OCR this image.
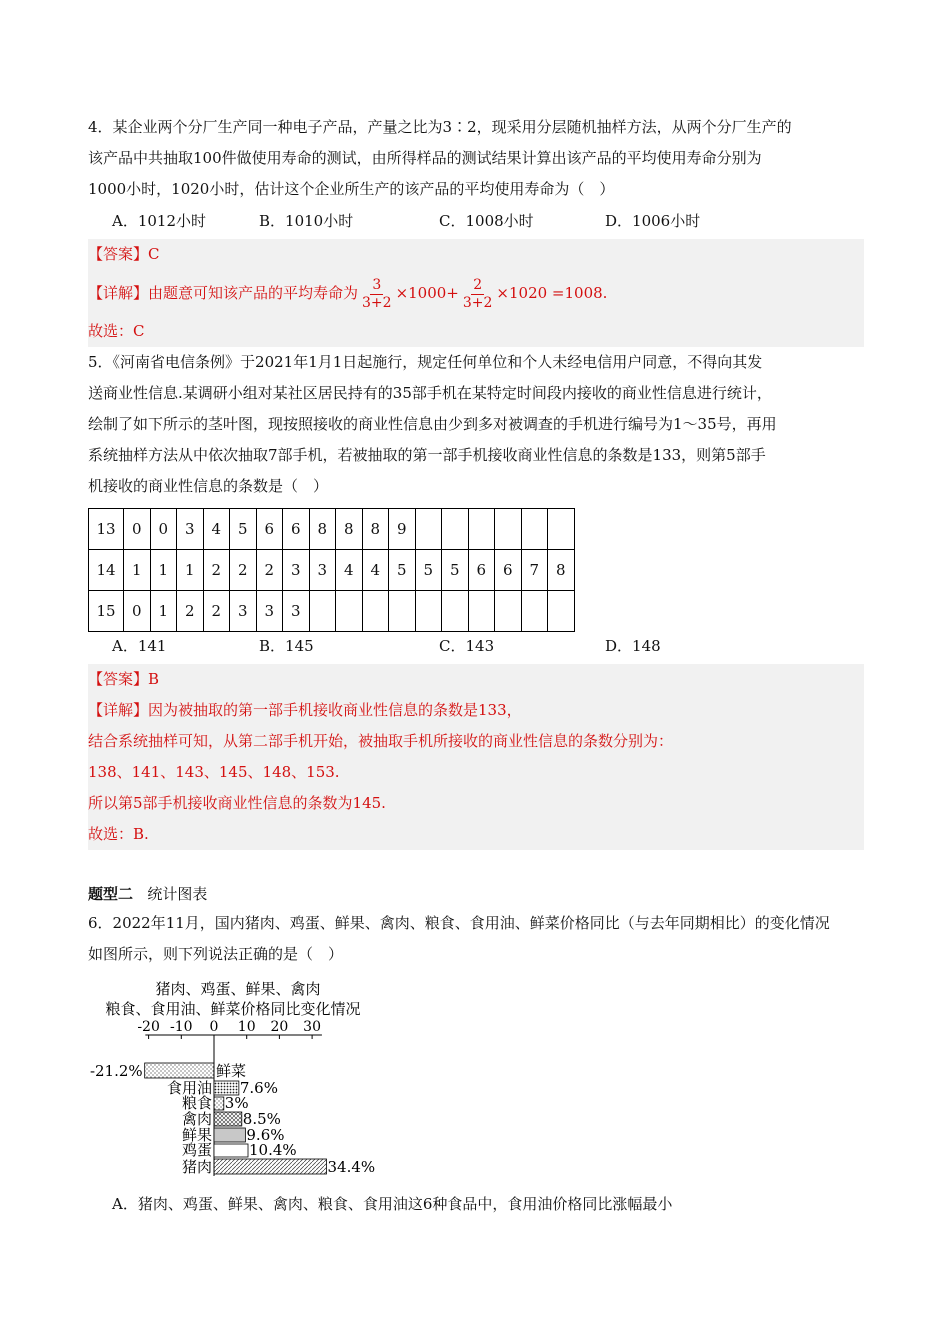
4．某企业两个分厂生产同一种电子产品，产量之比为3∶2，现采用分层随机抽样方法，从两个分厂生产的

该产品中共抽取100件做使用寿命的测试，由所得样品的测试结果计算出该产品的平均使用寿命分别为

1000小时，1020小时，估计这个企业所生产的该产品的平均使用寿命为（　）

A．1012小时	B．1010小时	C．1008小时	D．1006小时

【答案】C

【详解】由题意可知该产品的平均寿命为 $\frac{3}{3+2} \times 1000+ \frac{2}{3+2} \times 1020 =1008$.

故选：C

5．《河南省电信条例》于2021年1月1日起施行，规定任何单位和个人未经电信用户同意，不得向其发

送商业性信息.某调研小组对某社区居民持有的35部手机在某特定时间段内接收的商业性信息进行统计，

绘制了如下所示的茎叶图，现按照接收的商业性信息由少到多对被调查的手机进行编号为1～35号，再用

系统抽样方法从中依次抽取7部手机，若被抽取的第一部手机接收商业性信息的条数是133，则第5部手

机接收的商业性信息的条数是（　）

13	0	0	3	4	5	6	6	8	8	8	9						
14	1	1	1	2	2	2	3	3	4	4	5	5	5	6	6	7	8
15	0	1	2	2	3	3	3										
A．141	B．145	C．143	D．148

【答案】B

【详解】因为被抽取的第一部手机接收商业性信息的条数是133，

结合系统抽样可知，从第二部手机开始，被抽取手机所接收的商业性信息的条数分别为：

138、141、143、145、148、153.

所以第5部手机接收商业性信息的条数为145.

故选：B.

题型二 统计图表

6．2022年11月，国内猪肉、鸡蛋、鲜果、禽肉、粮食、食用油、鲜菜价格同比（与去年同期相比）的变化情况

如图所示，则下列说法正确的是（　）

猪肉、鸡蛋、鲜果、禽肉
粮食、食用油、鲜菜价格同比变化情况
-20 -10 0 10 20 30
鲜菜
-21.2%
食用油 7.6%
粮食 3%
禽肉 8.5%
鲜果 9.6%
鸡蛋 10.4%
猪肉	34.4%

A．猪肉、鸡蛋、鲜果、禽肉、粮食、食用油这6种食品中，食用油价格同比涨幅最小
